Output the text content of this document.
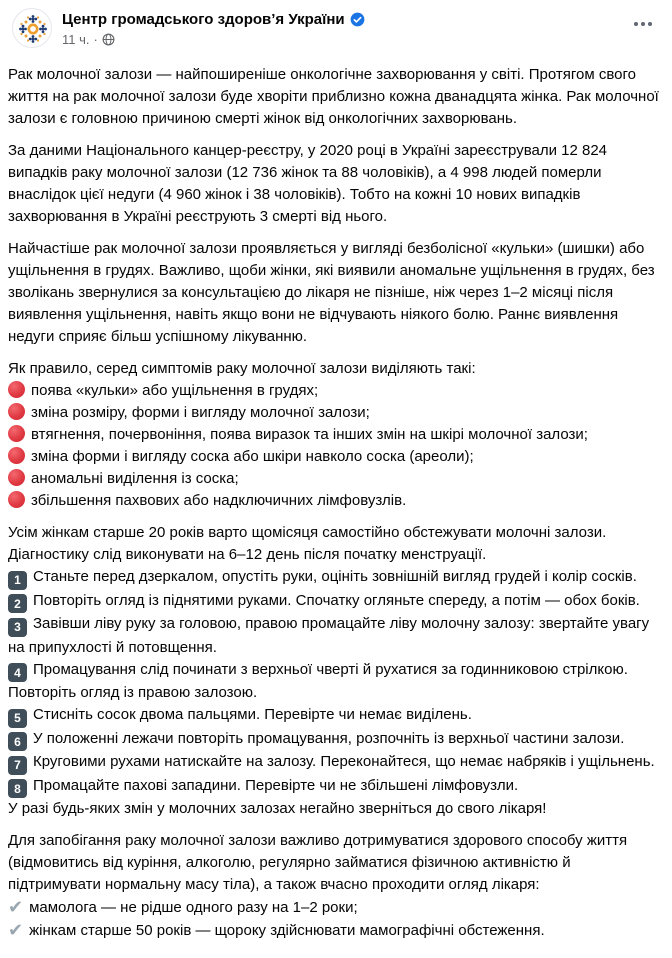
Центр громадського здоров’я України
11 ч. ·

Рак молочної залози — найпоширеніше онкологічне захворювання у світі. Протягом свого життя на рак молочної залози буде хворіти приблизно кожна дванадцята жінка. Рак молочної залози є головною причиною смерті жінок від онкологічних захворювань.

За даними Національного канцер-реєстру, у 2020 році в Україні зареєстрували 12 824 випадків раку молочної залози (12 736 жінок та 88 чоловіків), а 4 998 людей померли внаслідок цієї недуги (4 960 жінок і 38 чоловіків). Тобто на кожні 10 нових випадків захворювання в Україні реєструють 3 смерті від нього.

Найчастіше рак молочної залози проявляється у вигляді безболісної «кульки» (шишки) або ущільнення в грудях. Важливо, щоби жінки, які виявили аномальне ущільнення в грудях, без зволікань звернулися за консультацією до лікаря не пізніше, ніж через 1–2 місяці після виявлення ущільнення, навіть якщо вони не відчувають ніякого болю. Раннє виявлення недуги сприяє більш успішному лікуванню.

Як правило, серед симптомів раку молочної залози виділяють такі:
поява «кульки» або ущільнення в грудях;
зміна розміру, форми і вигляду молочної залози;
втягнення, почервоніння, поява виразок та інших змін на шкірі молочної залози;
зміна форми і вигляду соска або шкіри навколо соска (ареоли);
аномальні виділення із соска;
збільшення пахвових або надключичних лімфовузлів.
Усім жінкам старше 20 років варто щомісяця самостійно обстежувати молочні залози. Діагностику слід виконувати на 6–12 день після початку менструації.
1 Станьте перед дзеркалом, опустіть руки, оцініть зовнішній вигляд грудей і колір сосків.
2 Повторіть огляд із піднятими руками. Спочатку огляньте спереду, а потім — обох боків.
3 Завівши ліву руку за головою, правою промацайте ліву молочну залозу: звертайте увагу на припухлості й потовщення.
4 Промацування слід починати з верхньої чверті й рухатися за годинниковою стрілкою. Повторіть огляд із правою залозою.
5 Стисніть сосок двома пальцями. Перевірте чи немає виділень.
6 У положенні лежачи повторіть промацування, розпочніть із верхньої частини залози.
7 Круговими рухами натискайте на залозу. Переконайтеся, що немає набряків і ущільнень.
8 Промацайте пахові западини. Перевірте чи не збільшені лімфовузли.
У разі будь-яких змін у молочних залозах негайно зверніться до свого лікаря!
Для запобігання раку молочної залози важливо дотримуватися здорового способу життя (відмовитись від куріння, алкоголю, регулярно займатися фізичною активністю й підтримувати нормальну масу тіла), а також вчасно проходити огляд лікаря:
✔ мамолога — не рідше одного разу на 1–2 роки;
✔ жінкам старше 50 років — щороку здійснювати мамографічні обстеження.
